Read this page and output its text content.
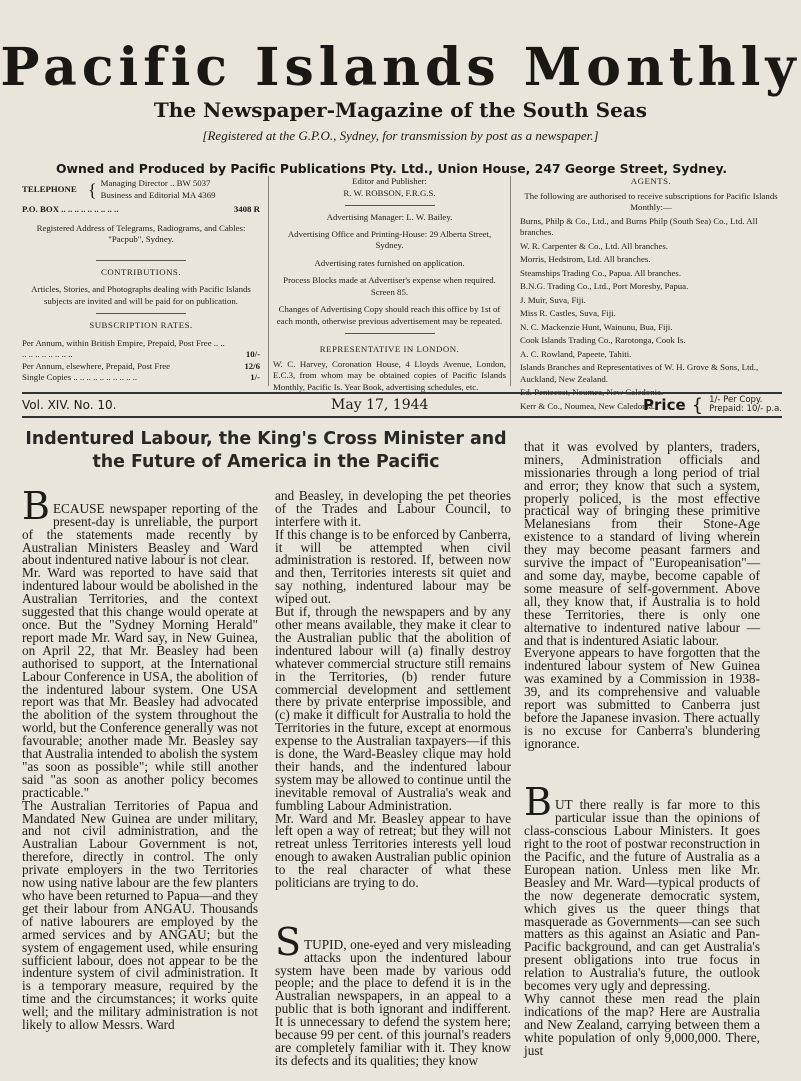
Pacific Islands Monthly
The Newspaper-Magazine of the South Seas
[Registered at the G.P.O., Sydney, for transmission by post as a newspaper.]
Owned and Produced by Pacific Publications Pty. Ltd., Union House, 247 George Street, Sydney.
TELEPHONE { Managing Director .. BW 5037
Business and Editorial MA 4369
P.O. BOX .. .. .. .. .. .. .. .. ..	3408 R
Registered Address of Telegrams, Radiograms, and Cables: "Pacpub", Sydney.
CONTRIBUTIONS.
Articles, Stories, and Photographs dealing with Pacific Islands subjects are invited and will be paid for on publication.
SUBSCRIPTION RATES.
Per Annum, within British Empire, Prepaid, Post Free .. .. .. .. .. .. .. .. .. ..	10/-
Per Annum, elsewhere, Prepaid, Post Free	12/6
Single Copies .. .. .. .. .. .. .. .. .. ..	1/-
Editor and Publisher:
R. W. ROBSON, F.R.G.S.
Advertising Manager: L. W. Bailey.
Advertising Office and Printing-House: 29 Alberta Street, Sydney.
Advertising rates furnished on application.
Process Blocks made at Advertiser's expense when required. Screen 85.
Changes of Advertising Copy should reach this office by 1st of each month, otherwise previous advertisement may be repeated.
REPRESENTATIVE IN LONDON.
W. C. Harvey, Coronation House, 4 Lloyds Avenue, London, E.C.3, from whom may be obtained copies of Pacific Islands Monthly, Pacific Is. Year Book, advertising schedules, etc.
AGENTS.
The following are authorised to receive subscriptions for Pacific Islands Monthly:—
Burns, Philp & Co., Ltd., and Burns Philp (South Sea) Co., Ltd. All branches.
W. R. Carpenter & Co., Ltd. All branches.
Morris, Hedstrom, Ltd. All branches.
Steamships Trading Co., Papua. All branches.
B.N.G. Trading Co., Ltd., Port Moresby, Papua.
J. Muir, Suva, Fiji.
Miss R. Castles, Suva, Fiji.
N. C. Mackenzie Hunt, Wainunu, Bua, Fiji.
Cook Islands Trading Co., Rarotonga, Cook Is.
A. C. Rowland, Papeete, Tahiti.
Islands Branches and Representatives of W. H. Grove & Sons, Ltd., Auckland, New Zealand.
Ed. Pentecost, Noumea, New Caledonia.
Kerr & Co., Noumea, New Caledonia.
Vol. XIV. No. 10.	May 17, 1944	Price { 1/- Per Copy.
Prepaid: 10/- p.a.
Indentured Labour, the King's Cross Minister and the Future of America in the Pacific

B ECAUSE newspaper reporting of the present-day is unreliable, the purport of the statements made recently by Australian Ministers Beasley and Ward about indentured native labour is not clear.
Mr. Ward was reported to have said that indentured labour would be abolished in the Australian Territories, and the context suggested that this change would operate at once. But the "Sydney Morning Herald" report made Mr. Ward say, in New Guinea, on April 22, that Mr. Beasley had been authorised to support, at the International Labour Conference in USA, the abolition of the indentured labour system. One USA report was that Mr. Beasley had advocated the abolition of the system throughout the world, but the Conference generally was not favourable; another made Mr. Beasley say that Australia intended to abolish the system "as soon as possible"; while still another said "as soon as another policy becomes practicable."
The Australian Territories of Papua and Mandated New Guinea are under military, and not civil administration, and the Australian Labour Government is not, therefore, directly in control. The only private employers in the two Territories now using native labour are the few planters who have been returned to Papua—and they get their labour from ANGAU. Thousands of native labourers are employed by the armed services and by ANGAU; but the system of engagement used, while ensuring sufficient labour, does not appear to be the indenture system of civil administration. It is a temporary measure, required by the time and the circumstances; it works quite well; and the military administration is not likely to allow Messrs. Ward

and Beasley, in developing the pet theories of the Trades and Labour Council, to interfere with it.
If this change is to be enforced by Canberra, it will be attempted when civil administration is restored. If, between now and then, Territories interests sit quiet and say nothing, indentured labour may be wiped out.
But if, through the newspapers and by any other means available, they make it clear to the Australian public that the abolition of indentured labour will (a) finally destroy whatever commercial structure still remains in the Territories, (b) render future commercial development and settlement there by private enterprise impossible, and (c) make it difficult for Australia to hold the Territories in the future, except at enormous expense to the Australian taxpayers—if this is done, the Ward-Beasley clique may hold their hands, and the indentured labour system may be allowed to continue until the inevitable removal of Australia's weak and fumbling Labour Administration.
Mr. Ward and Mr. Beasley appear to have left open a way of retreat; but they will not retreat unless Territories interests yell loud enough to awaken Australian public opinion to the real character of what these politicians are trying to do.

S TUPID, one-eyed and very misleading attacks upon the indentured labour system have been made by various odd people; and the place to defend it is in the Australian newspapers, in an appeal to a public that is both ignorant and indifferent. It is unnecessary to defend the system here; because 99 per cent. of this journal's readers are completely familiar with it. They know its defects and its qualities; they know

that it was evolved by planters, traders, miners, Administration officials and missionaries through a long period of trial and error; they know that such a system, properly policed, is the most effective practical way of bringing these primitive Melanesians from their Stone-Age existence to a standard of living wherein they may become peasant farmers and survive the impact of "Europeanisation"— and some day, maybe, become capable of some measure of self-government. Above all, they know that, if Australia is to hold these Territories, there is only one alternative to indentured native labour — and that is indentured Asiatic labour.
Everyone appears to have forgotten that the indentured labour system of New Guinea was examined by a Commission in 1938-39, and its comprehensive and valuable report was submitted to Canberra just before the Japanese invasion. There actually is no excuse for Canberra's blundering ignorance.

B UT there really is far more to this particular issue than the opinions of class-conscious Labour Ministers. It goes right to the root of postwar reconstruction in the Pacific, and the future of Australia as a European nation. Unless men like Mr. Beasley and Mr. Ward—typical products of the now degenerate democratic system, which gives us the queer things that masquerade as Governments—can see such matters as this against an Asiatic and Pan-Pacific background, and can get Australia's present obligations into true focus in relation to Australia's future, the outlook becomes very ugly and depressing.
Why cannot these men read the plain indications of the map? Here are Australia and New Zealand, carrying between them a white population of only 9,000,000. There, just
